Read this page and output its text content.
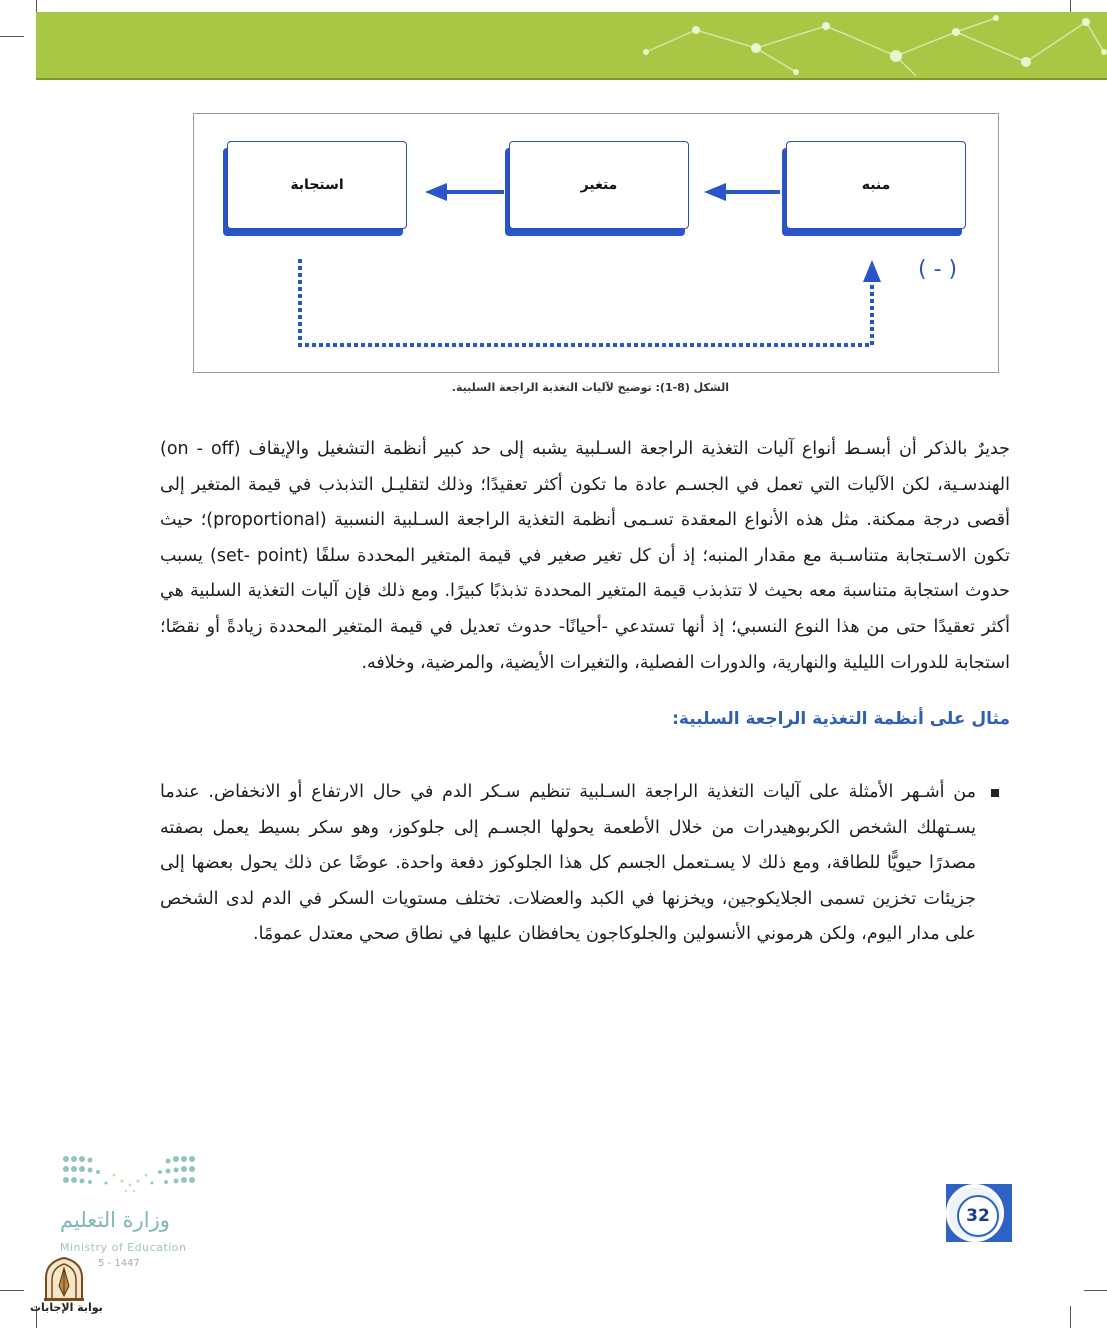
منبه
متغير
استجابة
( - )
الشكل (8-1): توضيح لآليات التغذية الراجعة السلبية.

جديرٌ بالذكر أن أبسـط أنواع آليات التغذية الراجعة السـلبية يشبه إلى حد كبير أنظمة التشغيل والإيقاف (on - off) الهندسـية، لكن الآليات التي تعمل في الجسـم عادة ما تكون أكثر تعقيدًا؛ وذلك لتقليـل التذبذب في قيمة المتغير إلى أقصى درجة ممكنة. مثل هذه الأنواع المعقدة تسـمى أنظمة التغذية الراجعة السـلبية النسبية (proportional)؛ حيث تكون الاسـتجابة متناسـبة مع مقدار المنبه؛ إذ أن كل تغير صغير في قيمة المتغير المحددة سلفًا (set- point) يسبب حدوث استجابة متناسبة معه بحيث لا تتذبذب قيمة المتغير المحددة تذبذبًا كبيرًا. ومع ذلك فإن آليات التغذية السلبية هي أكثر تعقيدًا حتى من هذا النوع النسبي؛ إذ أنها تستدعي -أحيانًا- حدوث تعديل في قيمة المتغير المحددة زيادةً أو نقصًا؛ استجابة للدورات الليلية والنهارية، والدورات الفصلية، والتغيرات الأيضية، والمرضية، وخلافه.

مثال على أنظمة التغذية الراجعة السلبية:
من أشـهر الأمثلة على آليات التغذية الراجعة السـلبية تنظيم سـكر الدم في حال الارتفاع أو الانخفاض. عندما يسـتهلك الشخص الكربوهيدرات من خلال الأطعمة يحولها الجسـم إلى جلوكوز، وهو سكر بسيط يعمل بصفته مصدرًا حيويًّا للطاقة، ومع ذلك لا يسـتعمل الجسم كل هذا الجلوكوز دفعة واحدة. عوضًا عن ذلك يحول بعضها إلى جزيئات تخزين تسمى الجلايكوجين، ويخزنها في الكبد والعضلات. تختلف مستويات السكر في الدم لدى الشخص على مدار اليوم، ولكن هرموني الأنسولين والجلوكاجون يحافظان عليها في نطاق صحي معتدل عمومًا.
32
وزارة التعليم
Ministry of Education
5 - 1447
بوابة الإجابات
